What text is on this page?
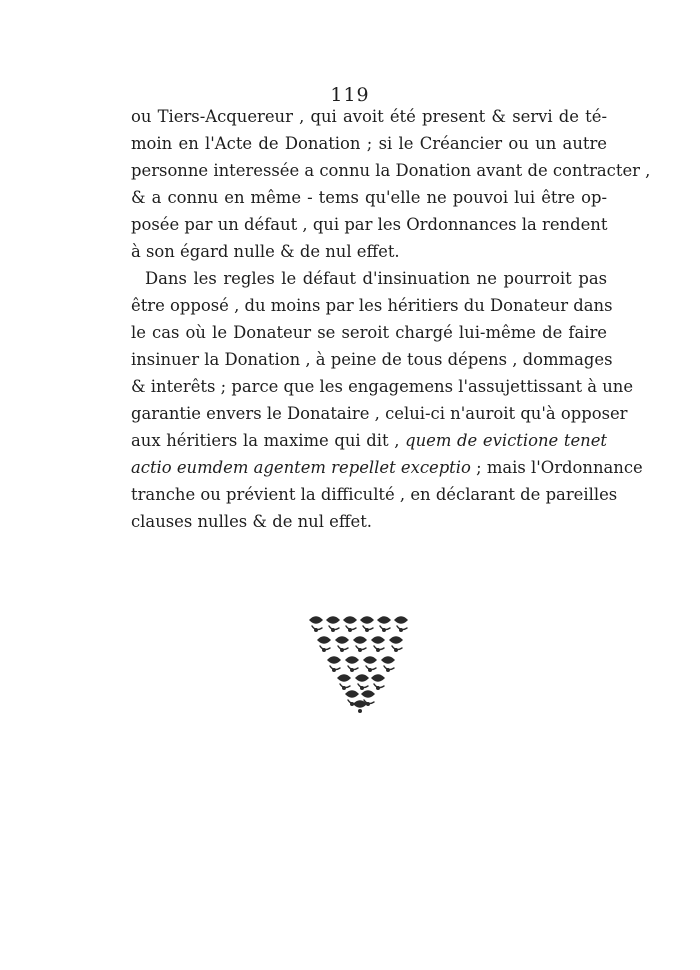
119
ou Tiers-Acquereur , qui avoit été present & servi de té-
moin en l'Acte de Donation ; si le Créancier ou un autre
personne interessée a connu la Donation avant de contracter ,
& a connu en même - tems qu'elle ne pouvoi lui être op-
posée par un défaut , qui par les Ordonnances la rendent
à son égard nulle & de nul effet.
Dans les regles le défaut d'insinuation ne pourroit pas
être opposé , du moins par les héritiers du Donateur dans
le cas où le Donateur se seroit chargé lui-même de faire
insinuer la Donation , à peine de tous dépens , dommages
& interêts ; parce que les engagemens l'assujettissant à une
garantie envers le Donataire , celui-ci n'auroit qu'à opposer
aux héritiers la maxime qui dit , quem de evictione tenet
actio eumdem agentem repellet exceptio ; mais l'Ordonnance
tranche ou prévient la difficulté , en déclarant de pareilles
clauses nulles & de nul effet.
